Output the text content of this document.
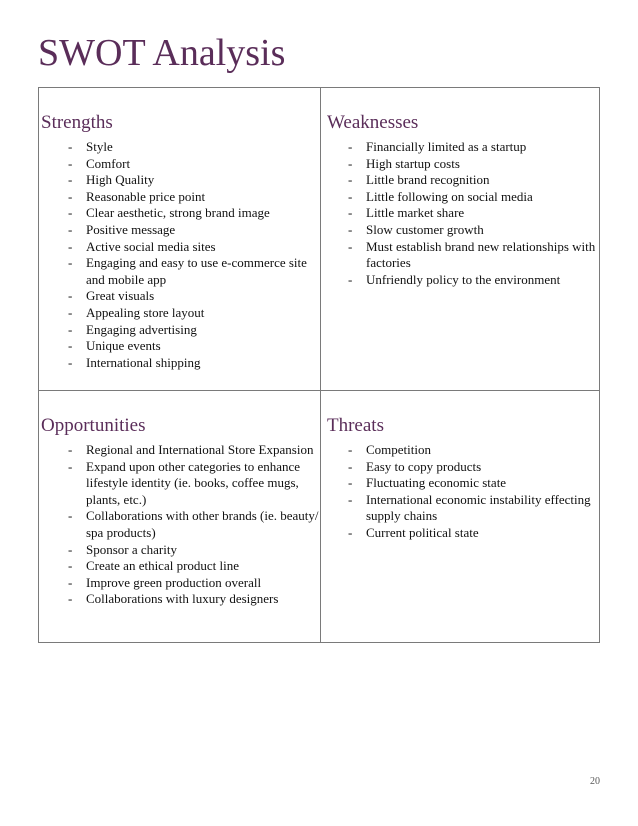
SWOT Analysis
Strengths
- Style
- Comfort
- High Quality
- Reasonable price point
- Clear aesthetic, strong brand image
- Positive message
- Active social media sites
- Engaging and easy to use e-commerce site and mobile app
- Great visuals
- Appealing store layout
- Engaging advertising
- Unique events
- International shipping
Weaknesses
- Financially limited as a startup
- High startup costs
- Little brand recognition
- Little following on social media
- Little market share
- Slow customer growth
- Must establish brand new relationships with factories
- Unfriendly policy to the environment
Opportunities
- Regional and International Store Expansion
- Expand upon other categories to enhance lifestyle identity (ie. books, coffee mugs, plants, etc.)
- Collaborations with other brands (ie. beauty/ spa products)
- Sponsor a charity
- Create an ethical product line
- Improve green production overall
- Collaborations with luxury designers
Threats
- Competition
- Easy to copy products
- Fluctuating economic state
- International economic instability effecting supply chains
- Current political state
20
